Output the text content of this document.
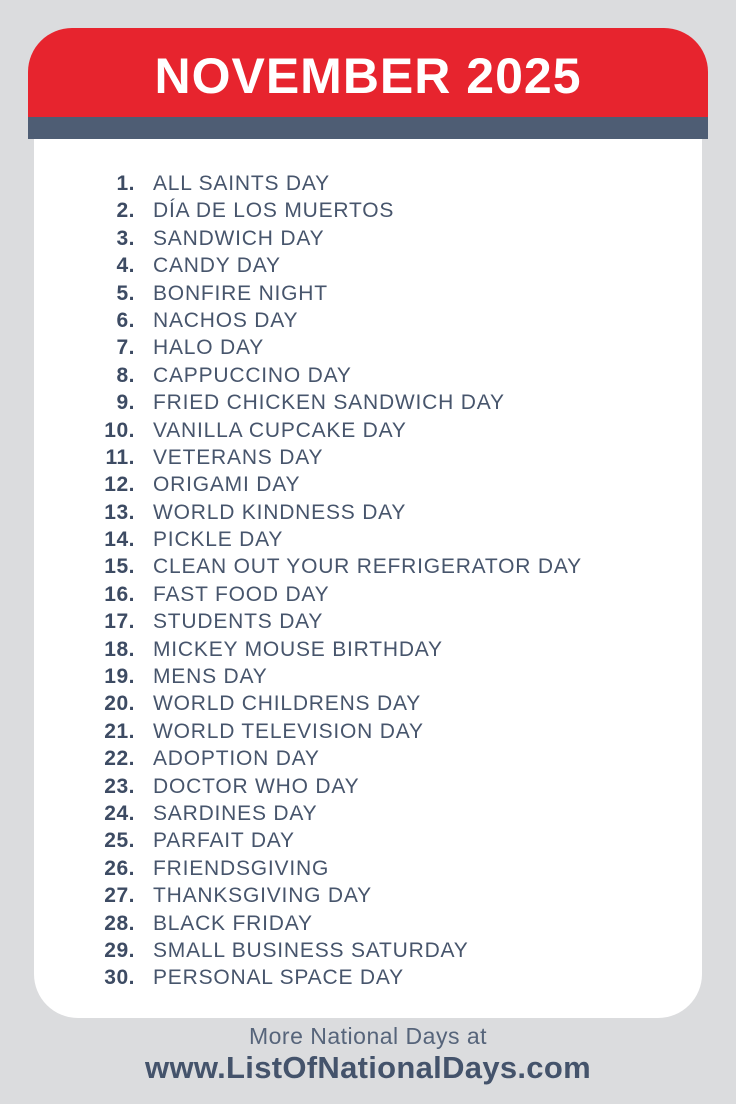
NOVEMBER 2025
1. ALL SAINTS DAY
2. DÍA DE LOS MUERTOS
3. SANDWICH DAY
4. CANDY DAY
5. BONFIRE NIGHT
6. NACHOS DAY
7. HALO DAY
8. CAPPUCCINO DAY
9. FRIED CHICKEN SANDWICH DAY
10. VANILLA CUPCAKE DAY
11. VETERANS DAY
12. ORIGAMI DAY
13. WORLD KINDNESS DAY
14. PICKLE DAY
15. CLEAN OUT YOUR REFRIGERATOR DAY
16. FAST FOOD DAY
17. STUDENTS DAY
18. MICKEY MOUSE BIRTHDAY
19. MENS DAY
20. WORLD CHILDRENS DAY
21. WORLD TELEVISION DAY
22. ADOPTION DAY
23. DOCTOR WHO DAY
24. SARDINES DAY
25. PARFAIT DAY
26. FRIENDSGIVING
27. THANKSGIVING DAY
28. BLACK FRIDAY
29. SMALL BUSINESS SATURDAY
30. PERSONAL SPACE DAY
More National Days at
www.ListOfNationalDays.com
